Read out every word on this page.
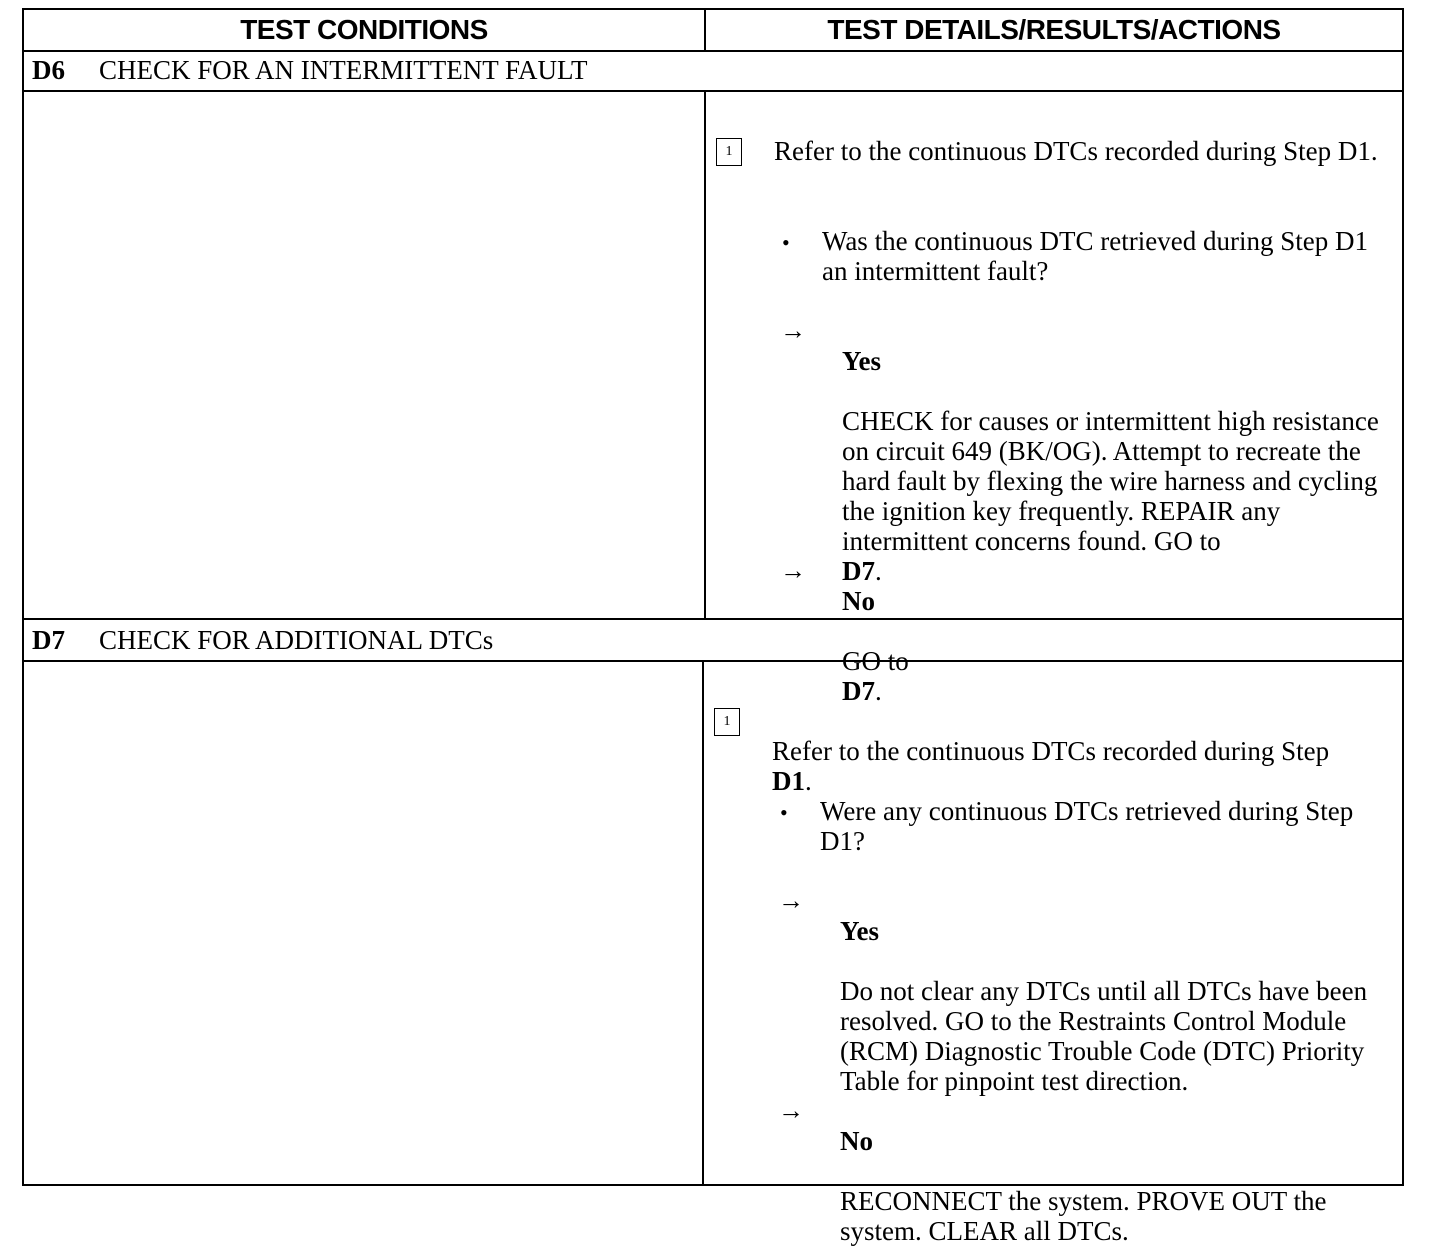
TEST CONDITIONS	TEST DETAILS/RESULTS/ACTIONS
D6 CHECK FOR AN INTERMITTENT FAULT
1	Refer to the continuous DTCs recorded during Step D1.
• Was the continuous DTC retrieved during Step D1 an intermittent fault?
→

Yes

CHECK for causes or intermittent high resistance on circuit 649 (BK/OG). Attempt to recreate the hard fault by flexing the wire harness and cycling the ignition key frequently. REPAIR any intermittent concerns found. GO to
D7.

→

No

GO to
D7.

D7 CHECK FOR ADDITIONAL DTCs
1

Refer to the continuous DTCs recorded during Step
D1.

• Were any continuous DTCs retrieved during Step D1?
→

Yes

Do not clear any DTCs until all DTCs have been resolved. GO to the Restraints Control Module (RCM) Diagnostic Trouble Code (DTC) Priority Table for pinpoint test direction.

→

No

RECONNECT the system. PROVE OUT the system. CLEAR all DTCs.
